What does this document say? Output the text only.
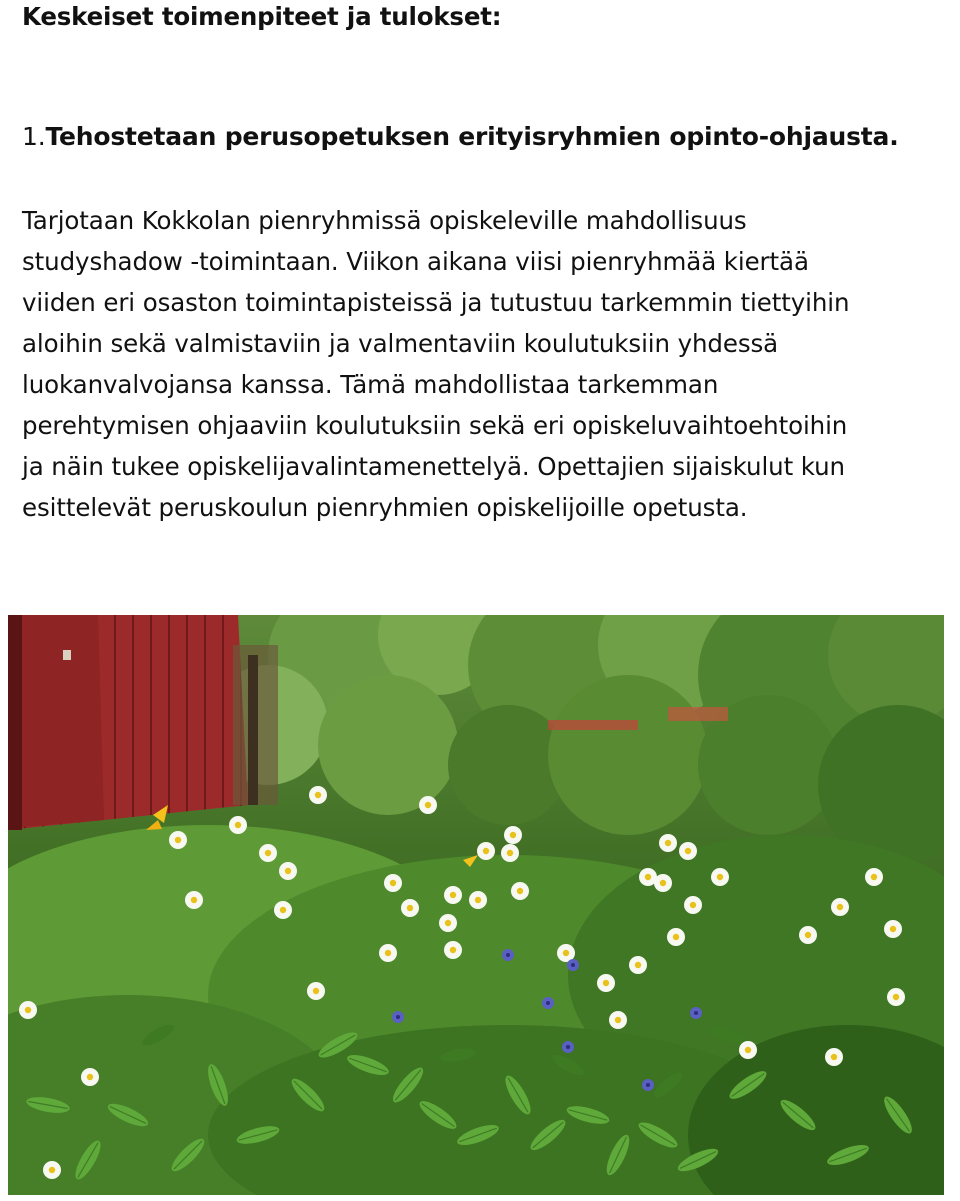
Keskeiset toimenpiteet ja tulokset:

1.Tehostetaan perusopetuksen erityisryhmien opinto-ohjausta.

Tarjotaan Kokkolan pienryhmissä opiskeleville mahdollisuus
studyshadow -toimintaan. Viikon aikana viisi pienryhmää kiertää
viiden eri osaston toimintapisteissä ja tutustuu tarkemmin tiettyihin
aloihin sekä valmistaviin ja valmentaviin koulutuksiin yhdessä
luokanvalvojansa kanssa. Tämä mahdollistaa tarkemman
perehtymisen ohjaaviin koulutuksiin sekä eri opiskeluvaihtoehtoihin
ja näin tukee opiskelijavalintamenettelyä. Opettajien sijaiskulut kun
esittelevät peruskoulun pienryhmien opiskelijoille opetusta.
